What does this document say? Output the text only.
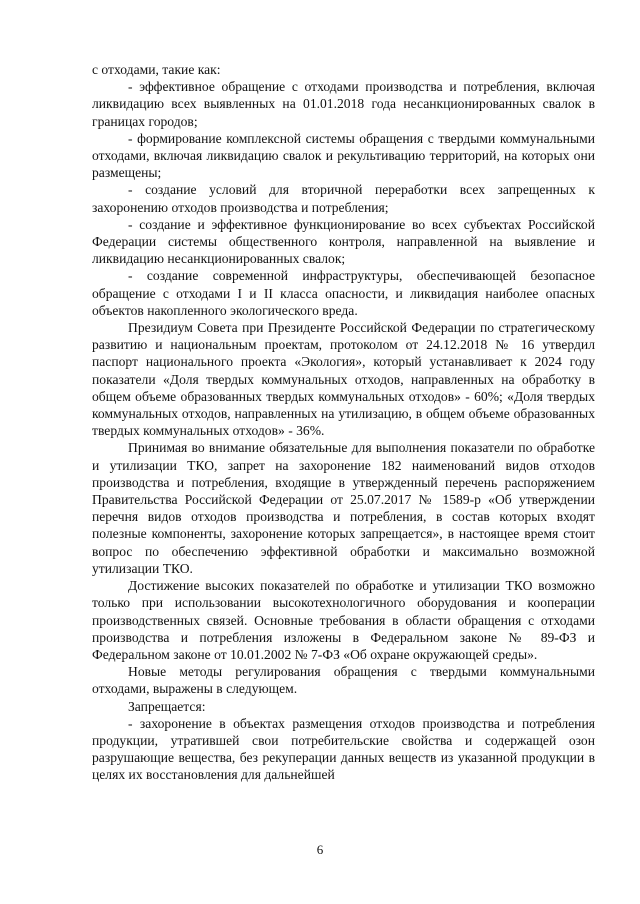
с отходами, такие как:

- эффективное обращение с отходами производства и потребления, включая ликвидацию всех выявленных на 01.01.2018 года несанкционированных свалок в границах городов;

- формирование комплексной системы обращения с твердыми коммунальными отходами, включая ликвидацию свалок и рекультивацию территорий, на которых они размещены;

- создание условий для вторичной переработки всех запрещенных к захоронению отходов производства и потребления;

- создание и эффективное функционирование во всех субъектах Российской Федерации системы общественного контроля, направленной на выявление и ликвидацию несанкционированных свалок;

- создание современной инфраструктуры, обеспечивающей безопасное обращение с отходами I и II класса опасности, и ликвидация наиболее опасных объектов накопленного экологического вреда.

Президиум Совета при Президенте Российской Федерации по стратегическому развитию и национальным проектам, протоколом от 24.12.2018 № 16 утвердил паспорт национального проекта «Экология», который устанавливает к 2024 году показатели «Доля твердых коммунальных отходов, направленных на обработку в общем объеме образованных твердых коммунальных отходов» - 60%; «Доля твердых коммунальных отходов, направленных на утилизацию, в общем объеме образованных твердых коммунальных отходов» - 36%.

Принимая во внимание обязательные для выполнения показатели по обработке и утилизации ТКО, запрет на захоронение 182 наименований видов отходов производства и потребления, входящие в утвержденный перечень распоряжением Правительства Российской Федерации от 25.07.2017 № 1589-р «Об утверждении перечня видов отходов производства и потребления, в состав которых входят полезные компоненты, захоронение которых запрещается», в настоящее время стоит вопрос по обеспечению эффективной обработки и максимально возможной утилизации ТКО.

Достижение высоких показателей по обработке и утилизации ТКО возможно только при использовании высокотехнологичного оборудования и кооперации производственных связей. Основные требования в области обращения с отходами производства и потребления изложены в Федеральном законе № 89-ФЗ и Федеральном законе от 10.01.2002 № 7-ФЗ «Об охране окружающей среды».

Новые методы регулирования обращения с твердыми коммунальными отходами, выражены в следующем.

Запрещается:

- захоронение в объектах размещения отходов производства и потребления продукции, утратившей свои потребительские свойства и содержащей озон разрушающие вещества, без рекуперации данных веществ из указанной продукции в целях их восстановления для дальнейшей

6
